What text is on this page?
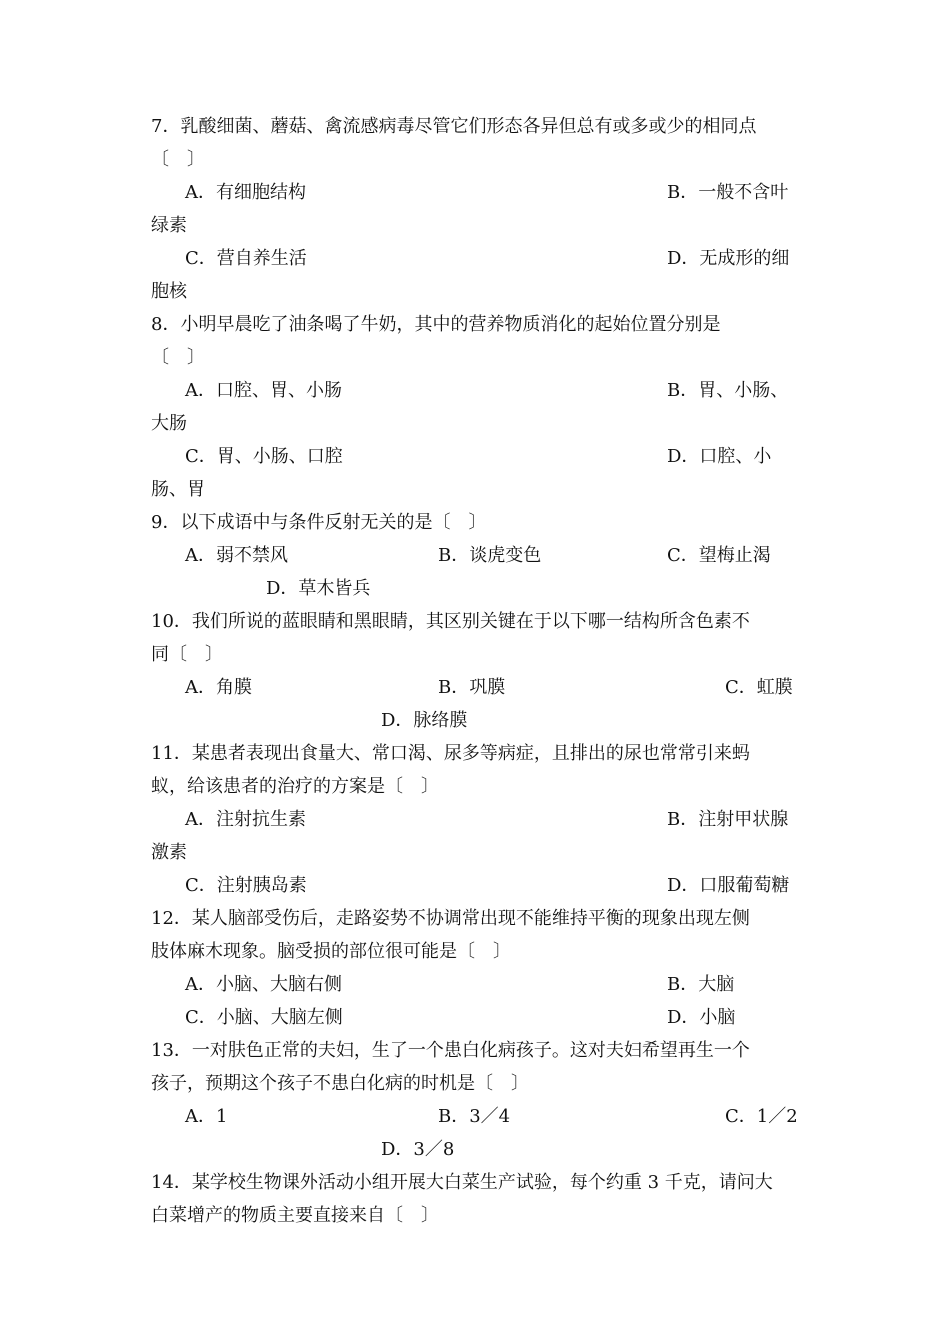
7．乳酸细菌、蘑菇、禽流感病毒尽管它们形态各异但总有或多或少的相同点
〔　〕
A．有细胞结构	B．一般不含叶
绿素
C．营自养生活	D．无成形的细
胞核
8．小明早晨吃了油条喝了牛奶，其中的营养物质消化的起始位置分别是
〔　〕
A．口腔、胃、小肠	B．胃、小肠、
大肠
C．胃、小肠、口腔	D．口腔、小
肠、胃
9．以下成语中与条件反射无关的是〔　〕
A．弱不禁风	B．谈虎变色	C．望梅止渴
D．草木皆兵
10．我们所说的蓝眼睛和黑眼睛，其区别关键在于以下哪一结构所含色素不
同〔　〕
A．角膜	B．巩膜	C．虹膜
D．脉络膜
11．某患者表现出食量大、常口渴、尿多等病症，且排出的尿也常常引来蚂
蚁，给该患者的治疗的方案是〔　〕
A．注射抗生素	B．注射甲状腺
激素
C．注射胰岛素	D．口服葡萄糖
12．某人脑部受伤后，走路姿势不协调常出现不能维持平衡的现象出现左侧
肢体麻木现象。脑受损的部位很可能是〔　〕
A．小脑、大脑右侧	B．大脑
C．小脑、大脑左侧	D．小脑
13．一对肤色正常的夫妇，生了一个患白化病孩子。这对夫妇希望再生一个
孩子，预期这个孩子不患白化病的时机是〔　〕
A．1	B．3／4	C．1／2
D．3／8
14．某学校生物课外活动小组开展大白菜生产试验，每个约重 3 千克，请问大
白菜增产的物质主要直接来自〔　〕
